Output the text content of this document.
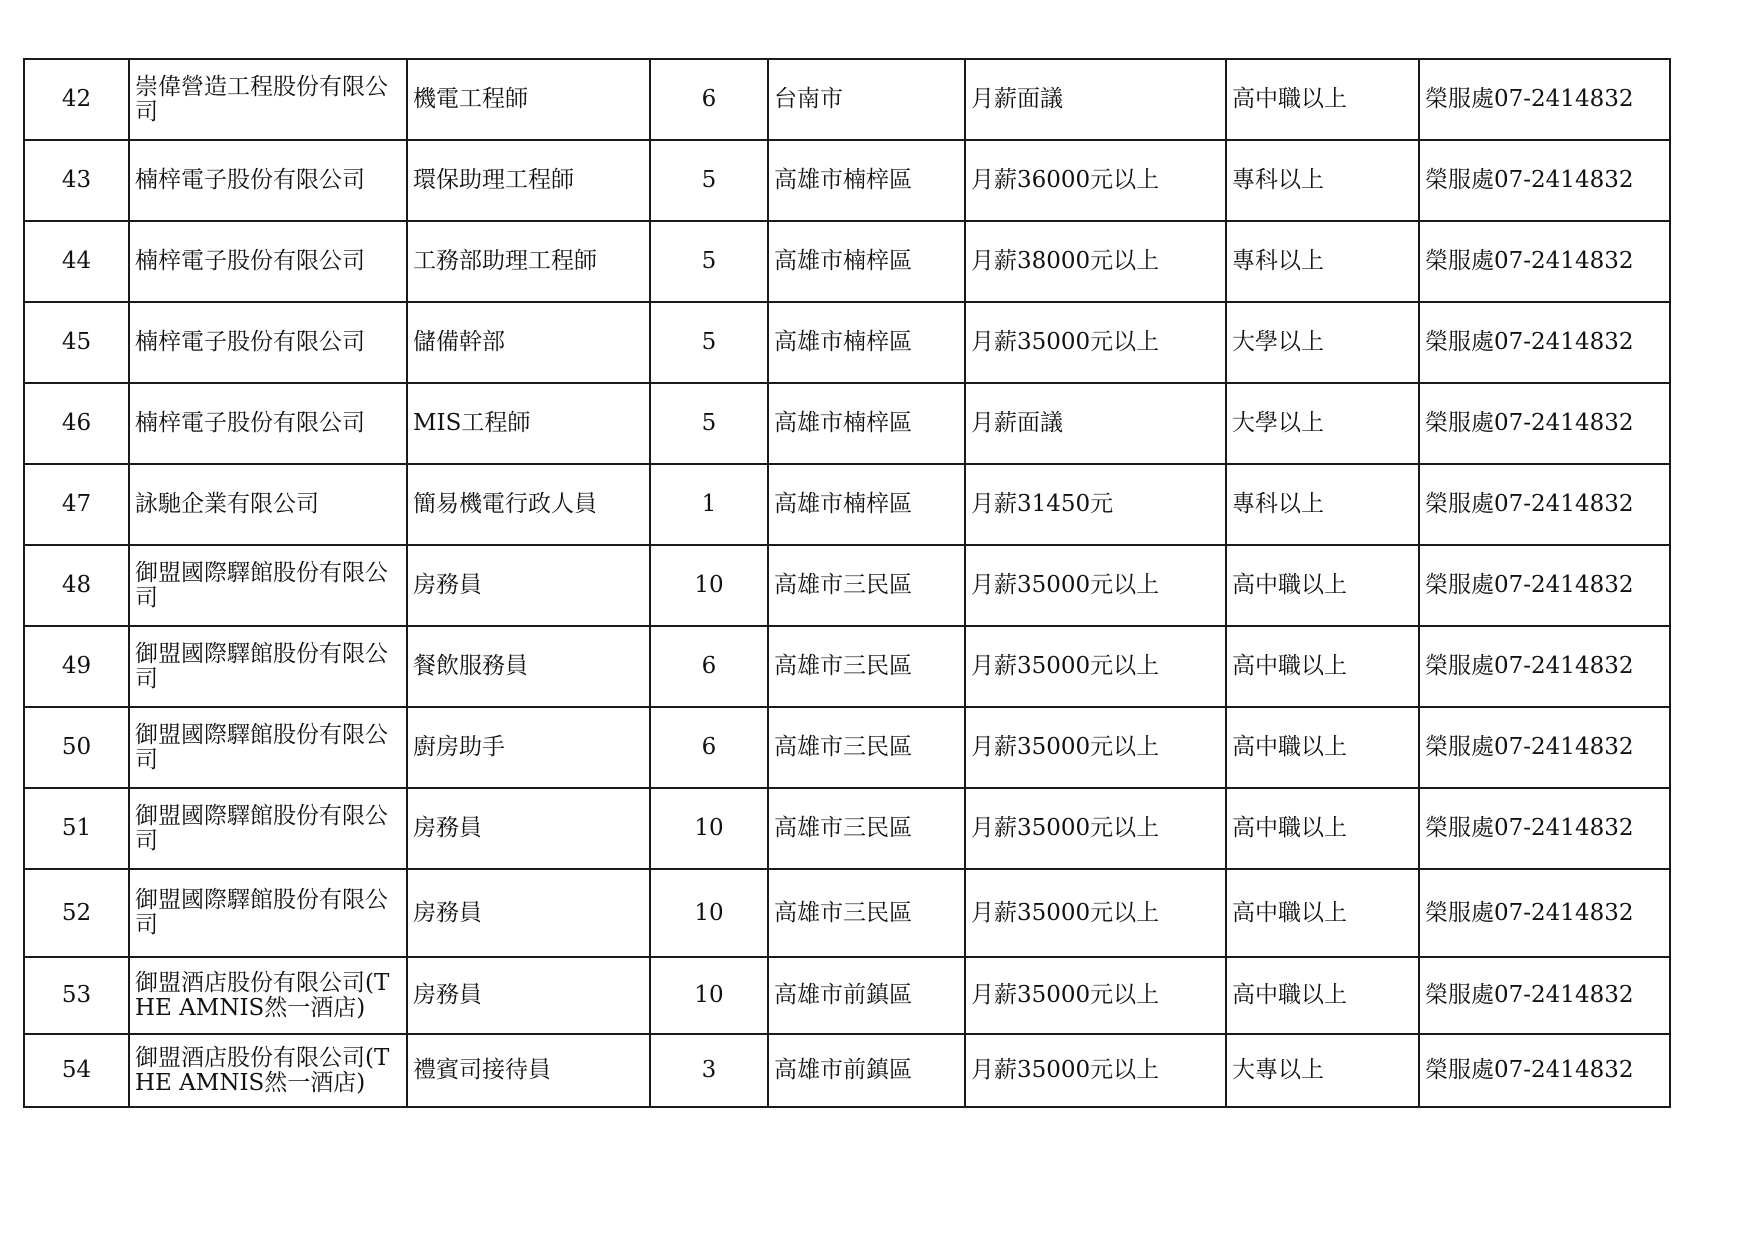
42	崇偉營造工程股份有限公司	機電工程師	6	台南市	月薪面議	高中職以上	榮服處07-2414832
43	楠梓電子股份有限公司	環保助理工程師	5	高雄市楠梓區	月薪36000元以上	專科以上	榮服處07-2414832
44	楠梓電子股份有限公司	工務部助理工程師	5	高雄市楠梓區	月薪38000元以上	專科以上	榮服處07-2414832
45	楠梓電子股份有限公司	儲備幹部	5	高雄市楠梓區	月薪35000元以上	大學以上	榮服處07-2414832
46	楠梓電子股份有限公司	MIS工程師	5	高雄市楠梓區	月薪面議	大學以上	榮服處07-2414832
47	詠馳企業有限公司	簡易機電行政人員	1	高雄市楠梓區	月薪31450元	專科以上	榮服處07-2414832
48	御盟國際驛館股份有限公司	房務員	10	高雄市三民區	月薪35000元以上	高中職以上	榮服處07-2414832
49	御盟國際驛館股份有限公司	餐飲服務員	6	高雄市三民區	月薪35000元以上	高中職以上	榮服處07-2414832
50	御盟國際驛館股份有限公司	廚房助手	6	高雄市三民區	月薪35000元以上	高中職以上	榮服處07-2414832
51	御盟國際驛館股份有限公司	房務員	10	高雄市三民區	月薪35000元以上	高中職以上	榮服處07-2414832
52	御盟國際驛館股份有限公司	房務員	10	高雄市三民區	月薪35000元以上	高中職以上	榮服處07-2414832
53	御盟酒店股份有限公司(THE AMNIS然一酒店)	房務員	10	高雄市前鎮區	月薪35000元以上	高中職以上	榮服處07-2414832
54	御盟酒店股份有限公司(THE AMNIS然一酒店)	禮賓司接待員	3	高雄市前鎮區	月薪35000元以上	大專以上	榮服處07-2414832
